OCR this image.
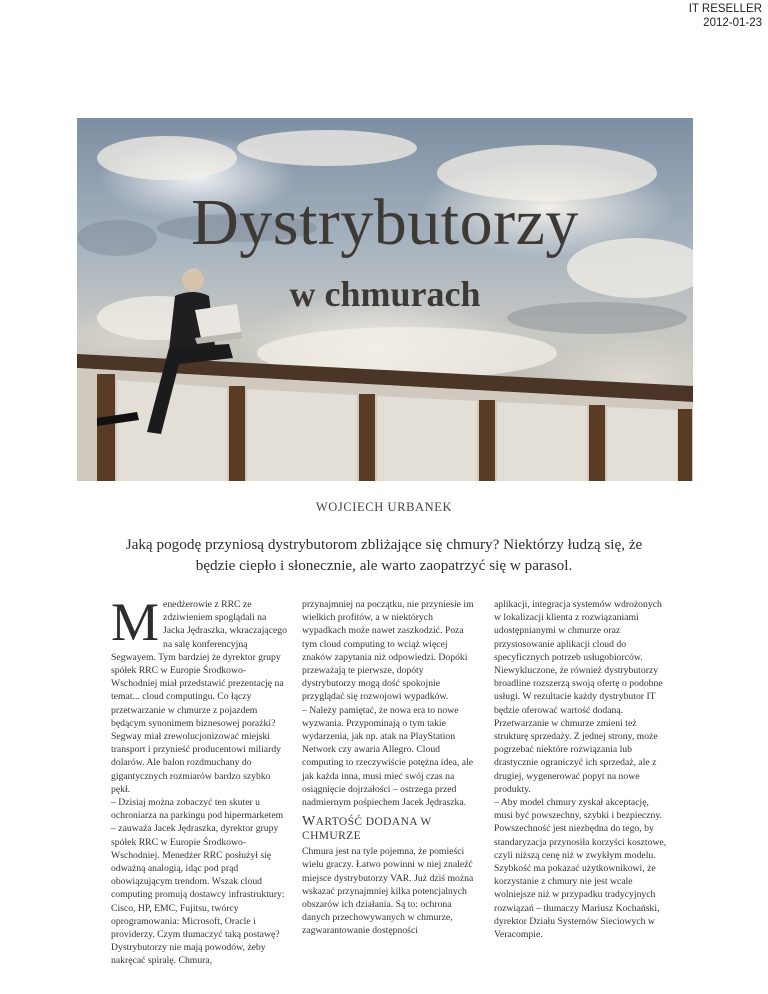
IT RESELLER
2012-01-23
Dystrybutorzy
w chmurach
WOJCIECH URBANEK
Jaką pogodę przyniosą dystrybutorom zbliżające się chmury? Niektórzy łudzą się, że będzie ciepło i słonecznie, ale warto zaopatrzyć się w parasol.
M enedżerowie z RRC ze zdziwieniem spoglądali na Jacka Jędraszka, wkraczającego na salę konferencyjną Segwayem. Tym bardziej że dyrektor grupy spółek RRC w Europie Środkowo-Wschodniej miał przedstawić prezentację na temat... cloud computingu. Co łączy przetwarzanie w chmurze z pojazdem będącym synonimem biznesowej porażki? Segway miał zrewolucjonizować miejski transport i przynieść producentowi miliardy dolarów. Ale balon rozdmuchany do gigantycznych rozmiarów bardzo szybko pękł.

– Dzisiaj można zobaczyć ten skuter u ochroniarza na parkingu pod hipermarketem – zauważa Jacek Jędraszka, dyrektor grupy spółek RRC w Europie Środkowo-Wschodniej. Menedżer RRC posłużył się odważną analogią, idąc pod prąd obowiązującym trendom. Wszak cloud computing promują dostawcy infrastruktury: Cisco, HP, EMC, Fujitsu, twórcy oprogramowania: Microsoft, Oracle i providerzy. Czym tłumaczyć taką postawę? Dystrybutorzy nie mają powodów, żeby nakręcać spiralę. Chmura,

przynajmniej na początku, nie przyniesie im wielkich profitów, a w niektórych wypadkach może nawet zaszkodzić. Poza tym cloud computing to wciąż więcej znaków zapytania niż odpowiedzi. Dopóki przeważają te pierwsze, dopóty dystrybutorzy mogą dość spokojnie przyglądać się rozwojowi wypadków.

– Należy pamiętać, że nowa era to nowe wyzwania. Przypominają o tym takie wydarzenia, jak np. atak na PlayStation Network czy awaria Allegro. Cloud computing to rzeczywiście potężna idea, ale jak każda inna, musi mieć swój czas na osiągnięcie dojrzałości – ostrzega przed nadmiernym pośpiechem Jacek Jędraszka.

WARTOŚĆ DODANA W CHMURZE

Chmura jest na tyle pojemna, że pomieści wielu graczy. Łatwo powinni w niej znaleźć miejsce dystrybutorzy VAR. Już dziś można wskazać przynajmniej kilka potencjalnych obszarów ich działania. Są to: ochrona danych przechowywanych w chmurze, zagwarantowanie dostępności

aplikacji, integracja systemów wdrożonych w lokalizacji klienta z rozwiązaniami udostępnianymi w chmurze oraz przystosowanie aplikacji cloud do specyficznych potrzeb usługobiorców. Niewykluczone, że również dystrybutorzy broadline rozszerzą swoją ofertę o podobne usługi. W rezultacie każdy dystrybutor IT będzie oferować wartość dodaną. Przetwarzanie w chmurze zmieni też strukturę sprzedaży. Z jednej strony, może pogrzebać niektóre rozwiązania lub drastycznie ograniczyć ich sprzedaż, ale z drugiej, wygenerować popyt na nowe produkty.

– Aby model chmury zyskał akceptację, musi być powszechny, szybki i bezpieczny. Powszechność jest niezbędna do tego, by standaryzacja przynosiła korzyści kosztowe, czyli niższą cenę niż w zwykłym modelu. Szybkość ma pokazać użytkownikowi, że korzystanie z chmury nie jest wcale wolniejsze niż w przypadku tradycyjnych rozwiązań – tłumaczy Mariusz Kochański, dyrektor Działu Systemów Sieciowych w Veracompie.
